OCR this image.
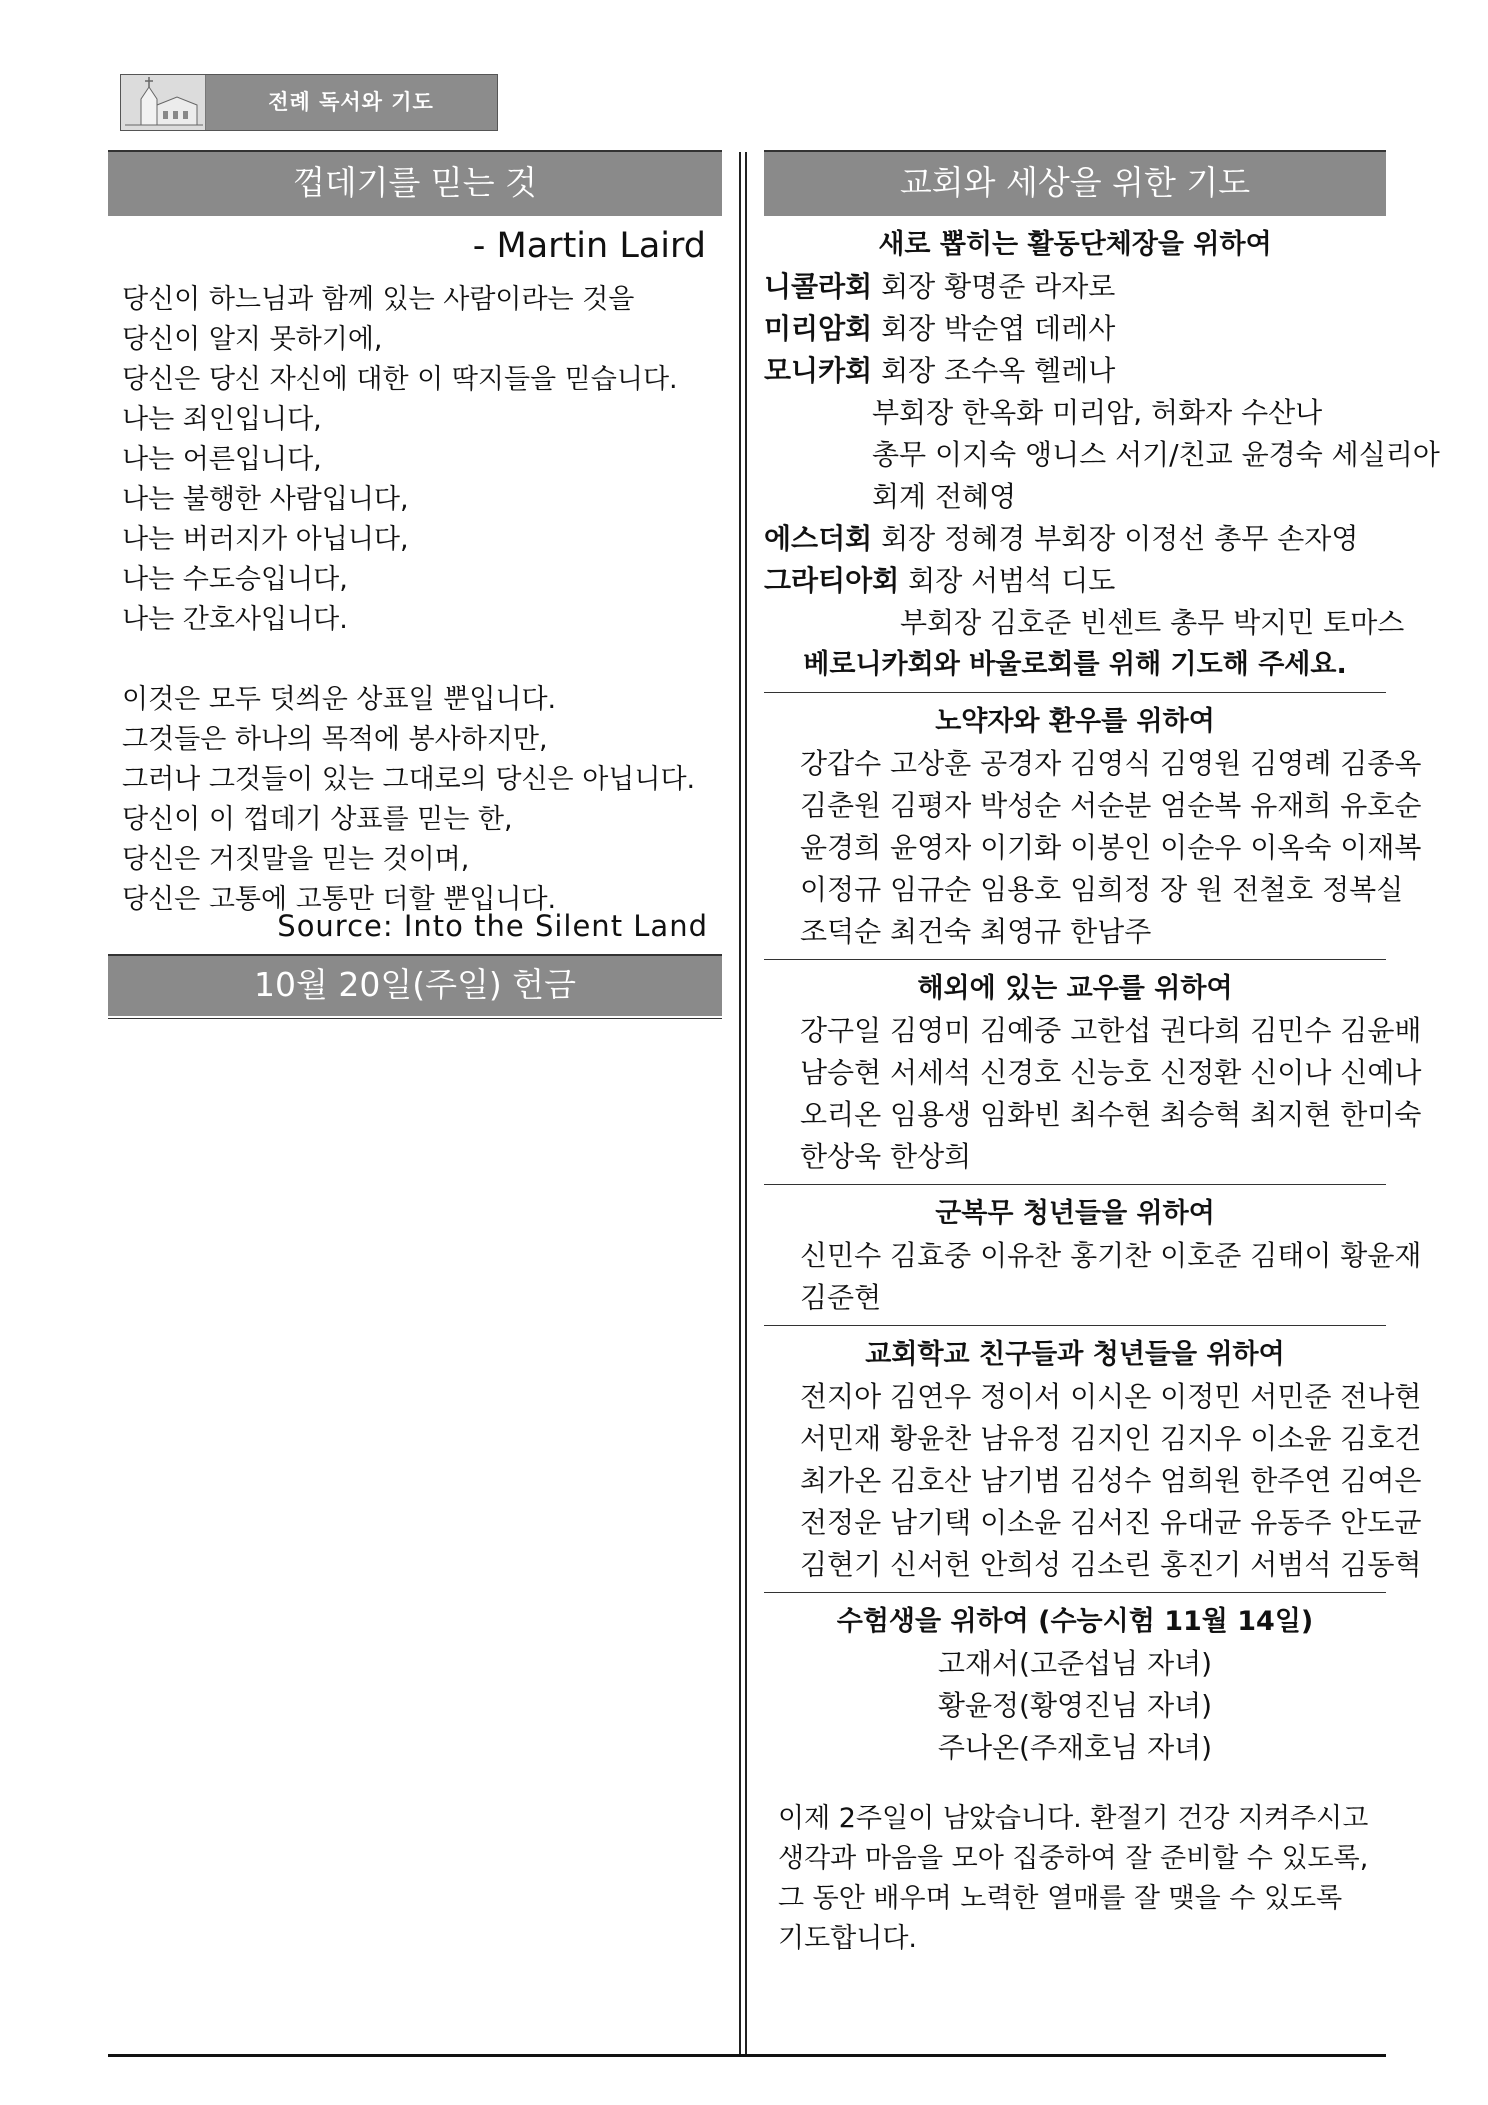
전례 독서와 기도
껍데기를 믿는 것
- Martin Laird
당신이 하느님과 함께 있는 사람이라는 것을
당신이 알지 못하기에,
당신은 당신 자신에 대한 이 딱지들을 믿습니다.
나는 죄인입니다,
나는 어른입니다,
나는 불행한 사람입니다,
나는 버러지가 아닙니다,
나는 수도승입니다,
나는 간호사입니다.
이것은 모두 덧씌운 상표일 뿐입니다.
그것들은 하나의 목적에 봉사하지만,
그러나 그것들이 있는 그대로의 당신은 아닙니다.
당신이 이 껍데기 상표를 믿는 한,
당신은 거짓말을 믿는 것이며,
당신은 고통에 고통만 더할 뿐입니다.
Source: Into the Silent Land
10월 20일(주일) 헌금
교회와 세상을 위한 기도
새로 뽑히는 활동단체장을 위하여
니콜라회 회장 황명준 라자로
미리암회 회장 박순엽 데레사
모니카회 회장 조수옥 헬레나
부회장 한옥화 미리암, 허화자 수산나
총무 이지숙 앵니스 서기/친교 윤경숙 세실리아
회계 전혜영
에스더회 회장 정혜경 부회장 이정선 총무 손자영
그라티아회 회장 서범석 디도
부회장 김호준 빈센트 총무 박지민 토마스
베로니카회와 바울로회를 위해 기도해 주세요.
노약자와 환우를 위하여
강갑수 고상훈 공경자 김영식 김영원 김영례 김종옥
김춘원 김평자 박성순 서순분 엄순복 유재희 유호순
윤경희 윤영자 이기화 이봉인 이순우 이옥숙 이재복
이정규 임규순 임용호 임희정 장 원 전철호 정복실
조덕순 최건숙 최영규 한남주
해외에 있는 교우를 위하여
강구일 김영미 김예중 고한섭 권다희 김민수 김윤배
남승현 서세석 신경호 신능호 신정환 신이나 신예나
오리온 임용생 임화빈 최수현 최승혁 최지현 한미숙
한상욱 한상희
군복무 청년들을 위하여
신민수 김효중 이유찬 홍기찬 이호준 김태이 황윤재
김준현
교회학교 친구들과 청년들을 위하여
전지아 김연우 정이서 이시온 이정민 서민준 전나현
서민재 황윤찬 남유정 김지인 김지우 이소윤 김호건
최가온 김호산 남기범 김성수 엄희원 한주연 김여은
전정운 남기택 이소윤 김서진 유대균 유동주 안도균
김현기 신서헌 안희성 김소린 홍진기 서범석 김동혁
수험생을 위하여 (수능시험 11월 14일)
고재서(고준섭님 자녀)
황윤정(황영진님 자녀)
주나온(주재호님 자녀)
이제 2주일이 남았습니다. 환절기 건강 지켜주시고
생각과 마음을 모아 집중하여 잘 준비할 수 있도록,
그 동안 배우며 노력한 열매를 잘 맺을 수 있도록
기도합니다.
